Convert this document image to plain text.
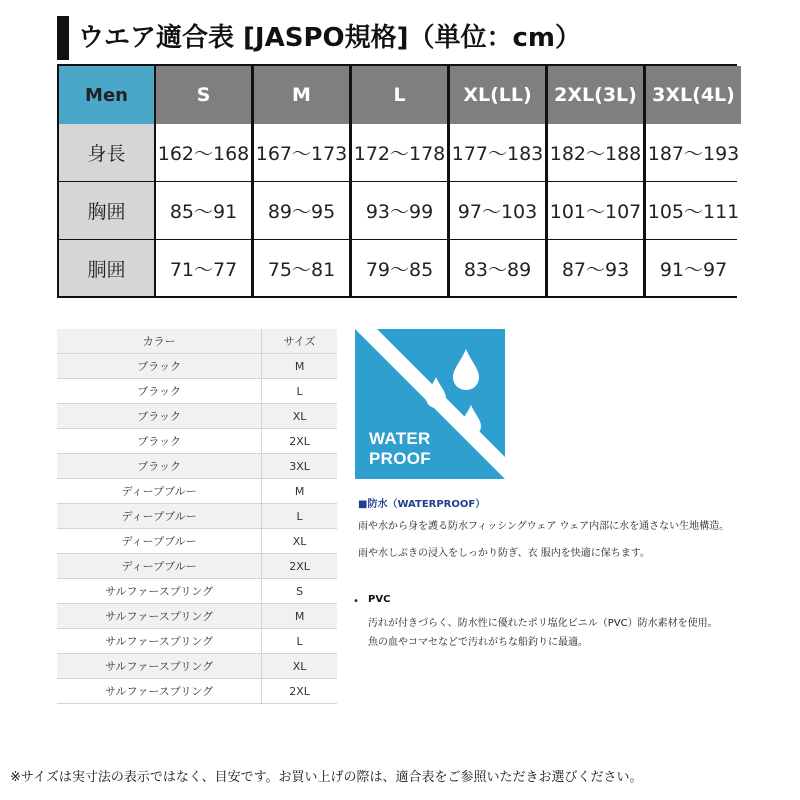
ウエア適合表 [JASPO規格]（単位：cm）
Men	S	M	L	XL(LL)	2XL(3L) 3XL(4L)
身長	162〜168 167〜173 172〜178 177〜183 182〜188 187〜193
胸囲	85〜91	89〜95	93〜99	97〜103 101〜107 105〜111
胴囲	71〜77	75〜81	79〜85	83〜89	87〜93	91〜97
カラー	サイズ
ブラック	M
ブラック	L
ブラック	XL
ブラック	2XL
ブラック	3XL
ディープブルー	M
ディープブルー	L
ディープブルー	XL
ディープブルー	2XL
サルファースプリング	S
サルファースプリング	M
サルファースプリング	L
サルファースプリング	XL
サルファースプリング	2XL
WATER
PROOF
■防水（WATERPROOF）
雨や水から身を護る防水フィッシングウェア ウェア内部に水を通さない生地構造。
雨や水しぶきの浸入をしっかり防ぎ、衣 服内を快適に保ちます。
• PVC
汚れが付きづらく、防水性に優れたポリ塩化ビニル（PVC）防水素材を使用。
魚の血やコマセなどで汚れがちな船釣りに最適。
※サイズは実寸法の表示ではなく、目安です。お買い上げの際は、適合表をご参照いただきお選びください。
